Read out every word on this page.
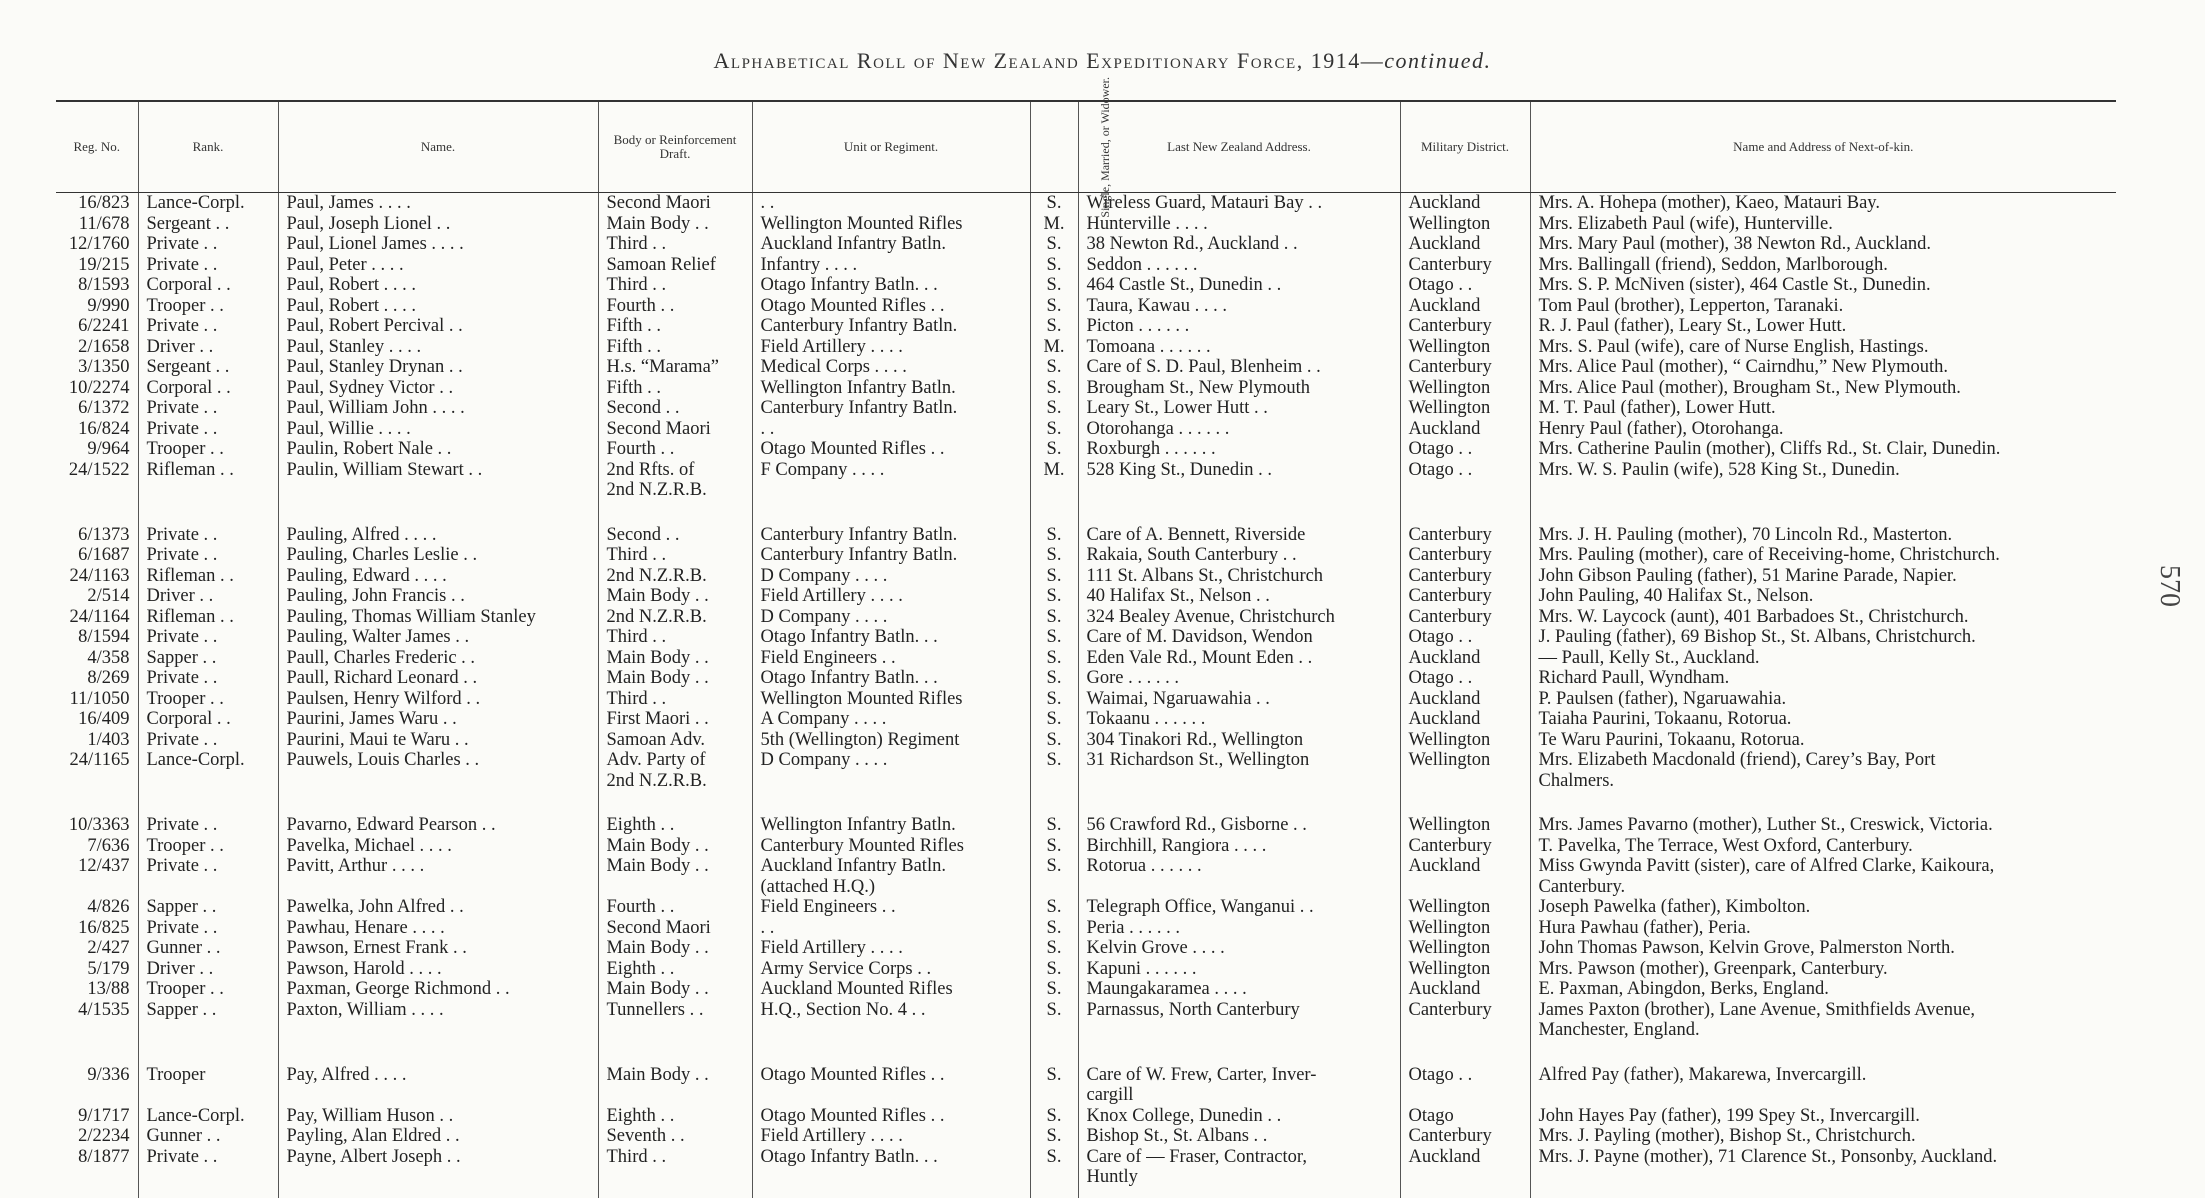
Alphabetical Roll of New Zealand Expeditionary Force, 1914—continued.
570
Reg. No.	Rank.	Name.	Body or Reinforcement Draft.	Unit or Regiment.	Single, Married, or Widower.	Last New Zealand Address.	Military District.	Name and Address of Next-of-kin.
16/823	Lance-Corpl.	Paul, James . . . .	Second Maori	. .	S.	Wireless Guard, Matauri Bay . .	Auckland	Mrs. A. Hohepa (mother), Kaeo, Matauri Bay.
11/678	Sergeant . .	Paul, Joseph Lionel . .	Main Body . .	Wellington Mounted Rifles	M.	Hunterville . . . .	Wellington	Mrs. Elizabeth Paul (wife), Hunterville.
12/1760	Private . .	Paul, Lionel James . . . .	Third . .	Auckland Infantry Batln.	S.	38 Newton Rd., Auckland . .	Auckland	Mrs. Mary Paul (mother), 38 Newton Rd., Auckland.
19/215	Private . .	Paul, Peter . . . .	Samoan Relief	Infantry . . . .	S.	Seddon . . . . . .	Canterbury	Mrs. Ballingall (friend), Seddon, Marlborough.
8/1593	Corporal . .	Paul, Robert . . . .	Third . .	Otago Infantry Batln. . .	S.	464 Castle St., Dunedin . .	Otago . .	Mrs. S. P. McNiven (sister), 464 Castle St., Dunedin.
9/990	Trooper . .	Paul, Robert . . . .	Fourth . .	Otago Mounted Rifles . .	S.	Taura, Kawau . . . .	Auckland	Tom Paul (brother), Lepperton, Taranaki.
6/2241	Private . .	Paul, Robert Percival . .	Fifth . .	Canterbury Infantry Batln.	S.	Picton . . . . . .	Canterbury	R. J. Paul (father), Leary St., Lower Hutt.
2/1658	Driver . .	Paul, Stanley . . . .	Fifth . .	Field Artillery . . . .	M.	Tomoana . . . . . .	Wellington	Mrs. S. Paul (wife), care of Nurse English, Hastings.
3/1350	Sergeant . .	Paul, Stanley Drynan . .	H.s. “Marama”	Medical Corps . . . .	S.	Care of S. D. Paul, Blenheim . .	Canterbury	Mrs. Alice Paul (mother), “ Cairndhu,” New Plymouth.
10/2274	Corporal . .	Paul, Sydney Victor . .	Fifth . .	Wellington Infantry Batln.	S.	Brougham St., New Plymouth	Wellington	Mrs. Alice Paul (mother), Brougham St., New Plymouth.
6/1372	Private . .	Paul, William John . . . .	Second . .	Canterbury Infantry Batln.	S.	Leary St., Lower Hutt . .	Wellington	M. T. Paul (father), Lower Hutt.
16/824	Private . .	Paul, Willie . . . .	Second Maori	. .	S.	Otorohanga . . . . . .	Auckland	Henry Paul (father), Otorohanga.
9/964	Trooper . .	Paulin, Robert Nale . .	Fourth . .	Otago Mounted Rifles . .	S.	Roxburgh . . . . . .	Otago . .	Mrs. Catherine Paulin (mother), Cliffs Rd., St. Clair, Dunedin.
24/1522	Rifleman . .	Paulin, William Stewart . .	2nd Rfts. of
2nd N.Z.R.B.	F Company . . . .	M.	528 King St., Dunedin . .	Otago . .	Mrs. W. S. Paulin (wife), 528 King St., Dunedin.

6/1373	Private . .	Pauling, Alfred . . . .	Second . .	Canterbury Infantry Batln.	S.	Care of A. Bennett, Riverside	Canterbury	Mrs. J. H. Pauling (mother), 70 Lincoln Rd., Masterton.
6/1687	Private . .	Pauling, Charles Leslie . .	Third . .	Canterbury Infantry Batln.	S.	Rakaia, South Canterbury . .	Canterbury	Mrs. Pauling (mother), care of Receiving-home, Christchurch.
24/1163	Rifleman . .	Pauling, Edward . . . .	2nd N.Z.R.B.	D Company . . . .	S.	111 St. Albans St., Christchurch	Canterbury	John Gibson Pauling (father), 51 Marine Parade, Napier.
2/514	Driver . .	Pauling, John Francis . .	Main Body . .	Field Artillery . . . .	S.	40 Halifax St., Nelson . .	Canterbury	John Pauling, 40 Halifax St., Nelson.
24/1164	Rifleman . .	Pauling, Thomas William Stanley	2nd N.Z.R.B.	D Company . . . .	S.	324 Bealey Avenue, Christchurch	Canterbury	Mrs. W. Laycock (aunt), 401 Barbadoes St., Christchurch.
8/1594	Private . .	Pauling, Walter James . .	Third . .	Otago Infantry Batln. . .	S.	Care of M. Davidson, Wendon	Otago . .	J. Pauling (father), 69 Bishop St., St. Albans, Christchurch.
4/358	Sapper . .	Paull, Charles Frederic . .	Main Body . .	Field Engineers . .	S.	Eden Vale Rd., Mount Eden . .	Auckland	— Paull, Kelly St., Auckland.
8/269	Private . .	Paull, Richard Leonard . .	Main Body . .	Otago Infantry Batln. . .	S.	Gore . . . . . .	Otago . .	Richard Paull, Wyndham.
11/1050	Trooper . .	Paulsen, Henry Wilford . .	Third . .	Wellington Mounted Rifles	S.	Waimai, Ngaruawahia . .	Auckland	P. Paulsen (father), Ngaruawahia.
16/409	Corporal . .	Paurini, James Waru . .	First Maori . .	A Company . . . .	S.	Tokaanu . . . . . .	Auckland	Taiaha Paurini, Tokaanu, Rotorua.
1/403	Private . .	Paurini, Maui te Waru . .	Samoan Adv.	5th (Wellington) Regiment	S.	304 Tinakori Rd., Wellington	Wellington	Te Waru Paurini, Tokaanu, Rotorua.
24/1165	Lance-Corpl.	Pauwels, Louis Charles . .	Adv. Party of
2nd N.Z.R.B.	D Company . . . .	S.	31 Richardson St., Wellington	Wellington	Mrs. Elizabeth Macdonald (friend), Carey’s Bay, Port
Chalmers.

10/3363	Private . .	Pavarno, Edward Pearson . .	Eighth . .	Wellington Infantry Batln.	S.	56 Crawford Rd., Gisborne . .	Wellington	Mrs. James Pavarno (mother), Luther St., Creswick, Victoria.
7/636	Trooper . .	Pavelka, Michael . . . .	Main Body . .	Canterbury Mounted Rifles	S.	Birchhill, Rangiora . . . .	Canterbury	T. Pavelka, The Terrace, West Oxford, Canterbury.
12/437	Private . .	Pavitt, Arthur . . . .	Main Body . .	Auckland Infantry Batln.
(attached H.Q.)	S.	Rotorua . . . . . .	Auckland	Miss Gwynda Pavitt (sister), care of Alfred Clarke, Kaikoura,
Canterbury.
4/826	Sapper . .	Pawelka, John Alfred . .	Fourth . .	Field Engineers . .	S.	Telegraph Office, Wanganui . .	Wellington	Joseph Pawelka (father), Kimbolton.
16/825	Private . .	Pawhau, Henare . . . .	Second Maori	. .	S.	Peria . . . . . .	Wellington	Hura Pawhau (father), Peria.
2/427	Gunner . .	Pawson, Ernest Frank . .	Main Body . .	Field Artillery . . . .	S.	Kelvin Grove . . . .	Wellington	John Thomas Pawson, Kelvin Grove, Palmerston North.
5/179	Driver . .	Pawson, Harold . . . .	Eighth . .	Army Service Corps . .	S.	Kapuni . . . . . .	Wellington	Mrs. Pawson (mother), Greenpark, Canterbury.
13/88	Trooper . .	Paxman, George Richmond . .	Main Body . .	Auckland Mounted Rifles	S.	Maungakaramea . . . .	Auckland	E. Paxman, Abingdon, Berks, England.
4/1535	Sapper . .	Paxton, William . . . .	Tunnellers . .	H.Q., Section No. 4 . .	S.	Parnassus, North Canterbury	Canterbury	James Paxton (brother), Lane Avenue, Smithfields Avenue,
Manchester, England.

9/336	Trooper	Pay, Alfred . . . .	Main Body . .	Otago Mounted Rifles . .	S.	Care of W. Frew, Carter, Inver-
cargill	Otago . .	Alfred Pay (father), Makarewa, Invercargill.
9/1717	Lance-Corpl.	Pay, William Huson . .	Eighth . .	Otago Mounted Rifles . .	S.	Knox College, Dunedin . .	Otago	John Hayes Pay (father), 199 Spey St., Invercargill.
2/2234	Gunner . .	Payling, Alan Eldred . .	Seventh . .	Field Artillery . . . .	S.	Bishop St., St. Albans . .	Canterbury	Mrs. J. Payling (mother), Bishop St., Christchurch.
8/1877	Private . .	Payne, Albert Joseph . .	Third . .	Otago Infantry Batln. . .	S.	Care of — Fraser, Contractor,
Huntly	Auckland	Mrs. J. Payne (mother), 71 Clarence St., Ponsonby, Auckland.
